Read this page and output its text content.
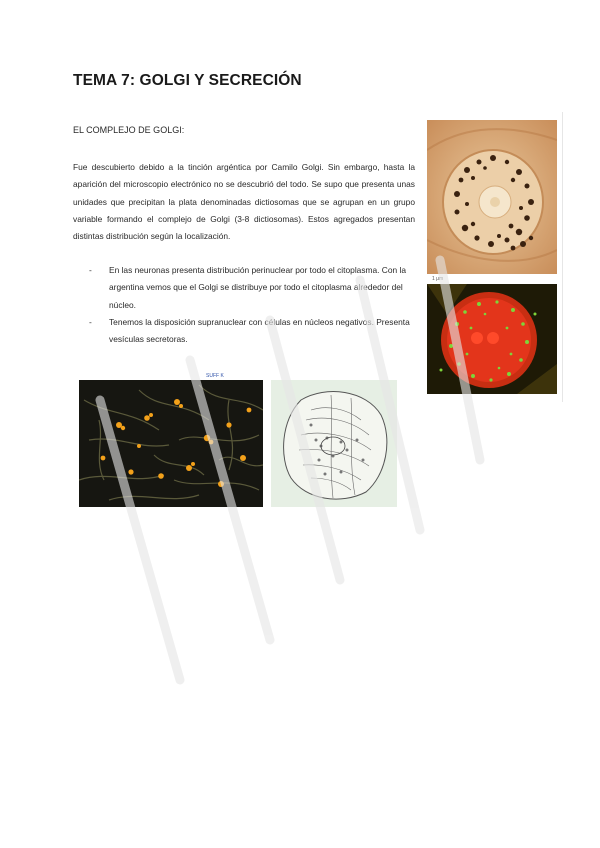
TEMA 7: GOLGI Y SECRECIÓN

EL COMPLEJO DE GOLGI:

Fue descubierto debido a la tinción argéntica por Camilo Golgi. Sin embargo, hasta la aparición del microscopio electrónico no se descubrió del todo. Se supo que presenta unas unidades que precipitan la plata denominadas dictiosomas que se agrupan en un grupo variable formando el complejo de Golgi (3-8 dictiosomas). Estos agregados presentan distintas distribución según la localización.

- En las neuronas presenta distribución perinuclear por todo el citoplasma. Con la argentina vemos que el Golgi se distribuye por todo el citoplasma alrededor del núcleo.
- Tenemos la disposición supranuclear con células en núcleos negativos. Presenta vesículas secretoras.

1 μm

SUFF K
